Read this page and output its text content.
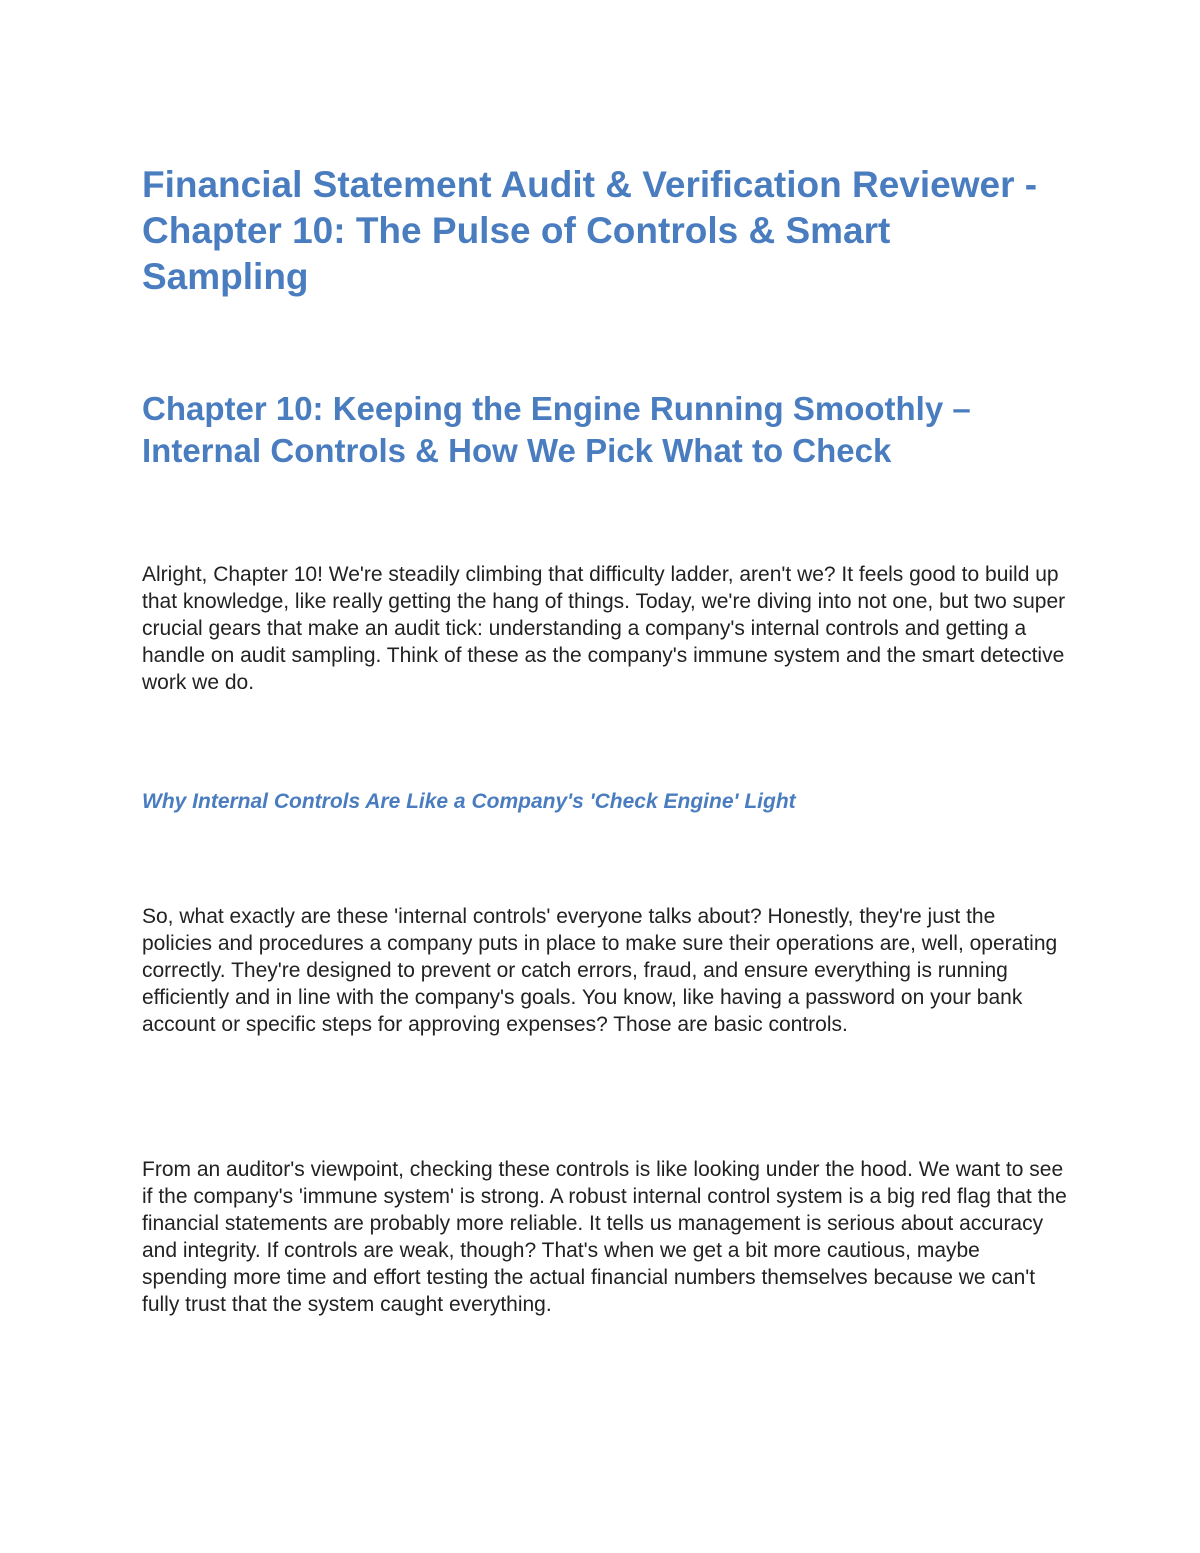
Financial Statement Audit & Verification Reviewer - Chapter 10: The Pulse of Controls & Smart Sampling
Chapter 10: Keeping the Engine Running Smoothly – Internal Controls & How We Pick What to Check

Alright, Chapter 10! We're steadily climbing that difficulty ladder, aren't we? It feels good to build up that knowledge, like really getting the hang of things. Today, we're diving into not one, but two super crucial gears that make an audit tick: understanding a company's internal controls and getting a handle on audit sampling. Think of these as the company's immune system and the smart detective work we do.

Why Internal Controls Are Like a Company's 'Check Engine' Light

So, what exactly are these 'internal controls' everyone talks about? Honestly, they're just the policies and procedures a company puts in place to make sure their operations are, well, operating correctly. They're designed to prevent or catch errors, fraud, and ensure everything is running efficiently and in line with the company's goals. You know, like having a password on your bank account or specific steps for approving expenses? Those are basic controls.

From an auditor's viewpoint, checking these controls is like looking under the hood. We want to see if the company's 'immune system' is strong. A robust internal control system is a big red flag that the financial statements are probably more reliable. It tells us management is serious about accuracy and integrity. If controls are weak, though? That's when we get a bit more cautious, maybe spending more time and effort testing the actual financial numbers themselves because we can't fully trust that the system caught everything.
